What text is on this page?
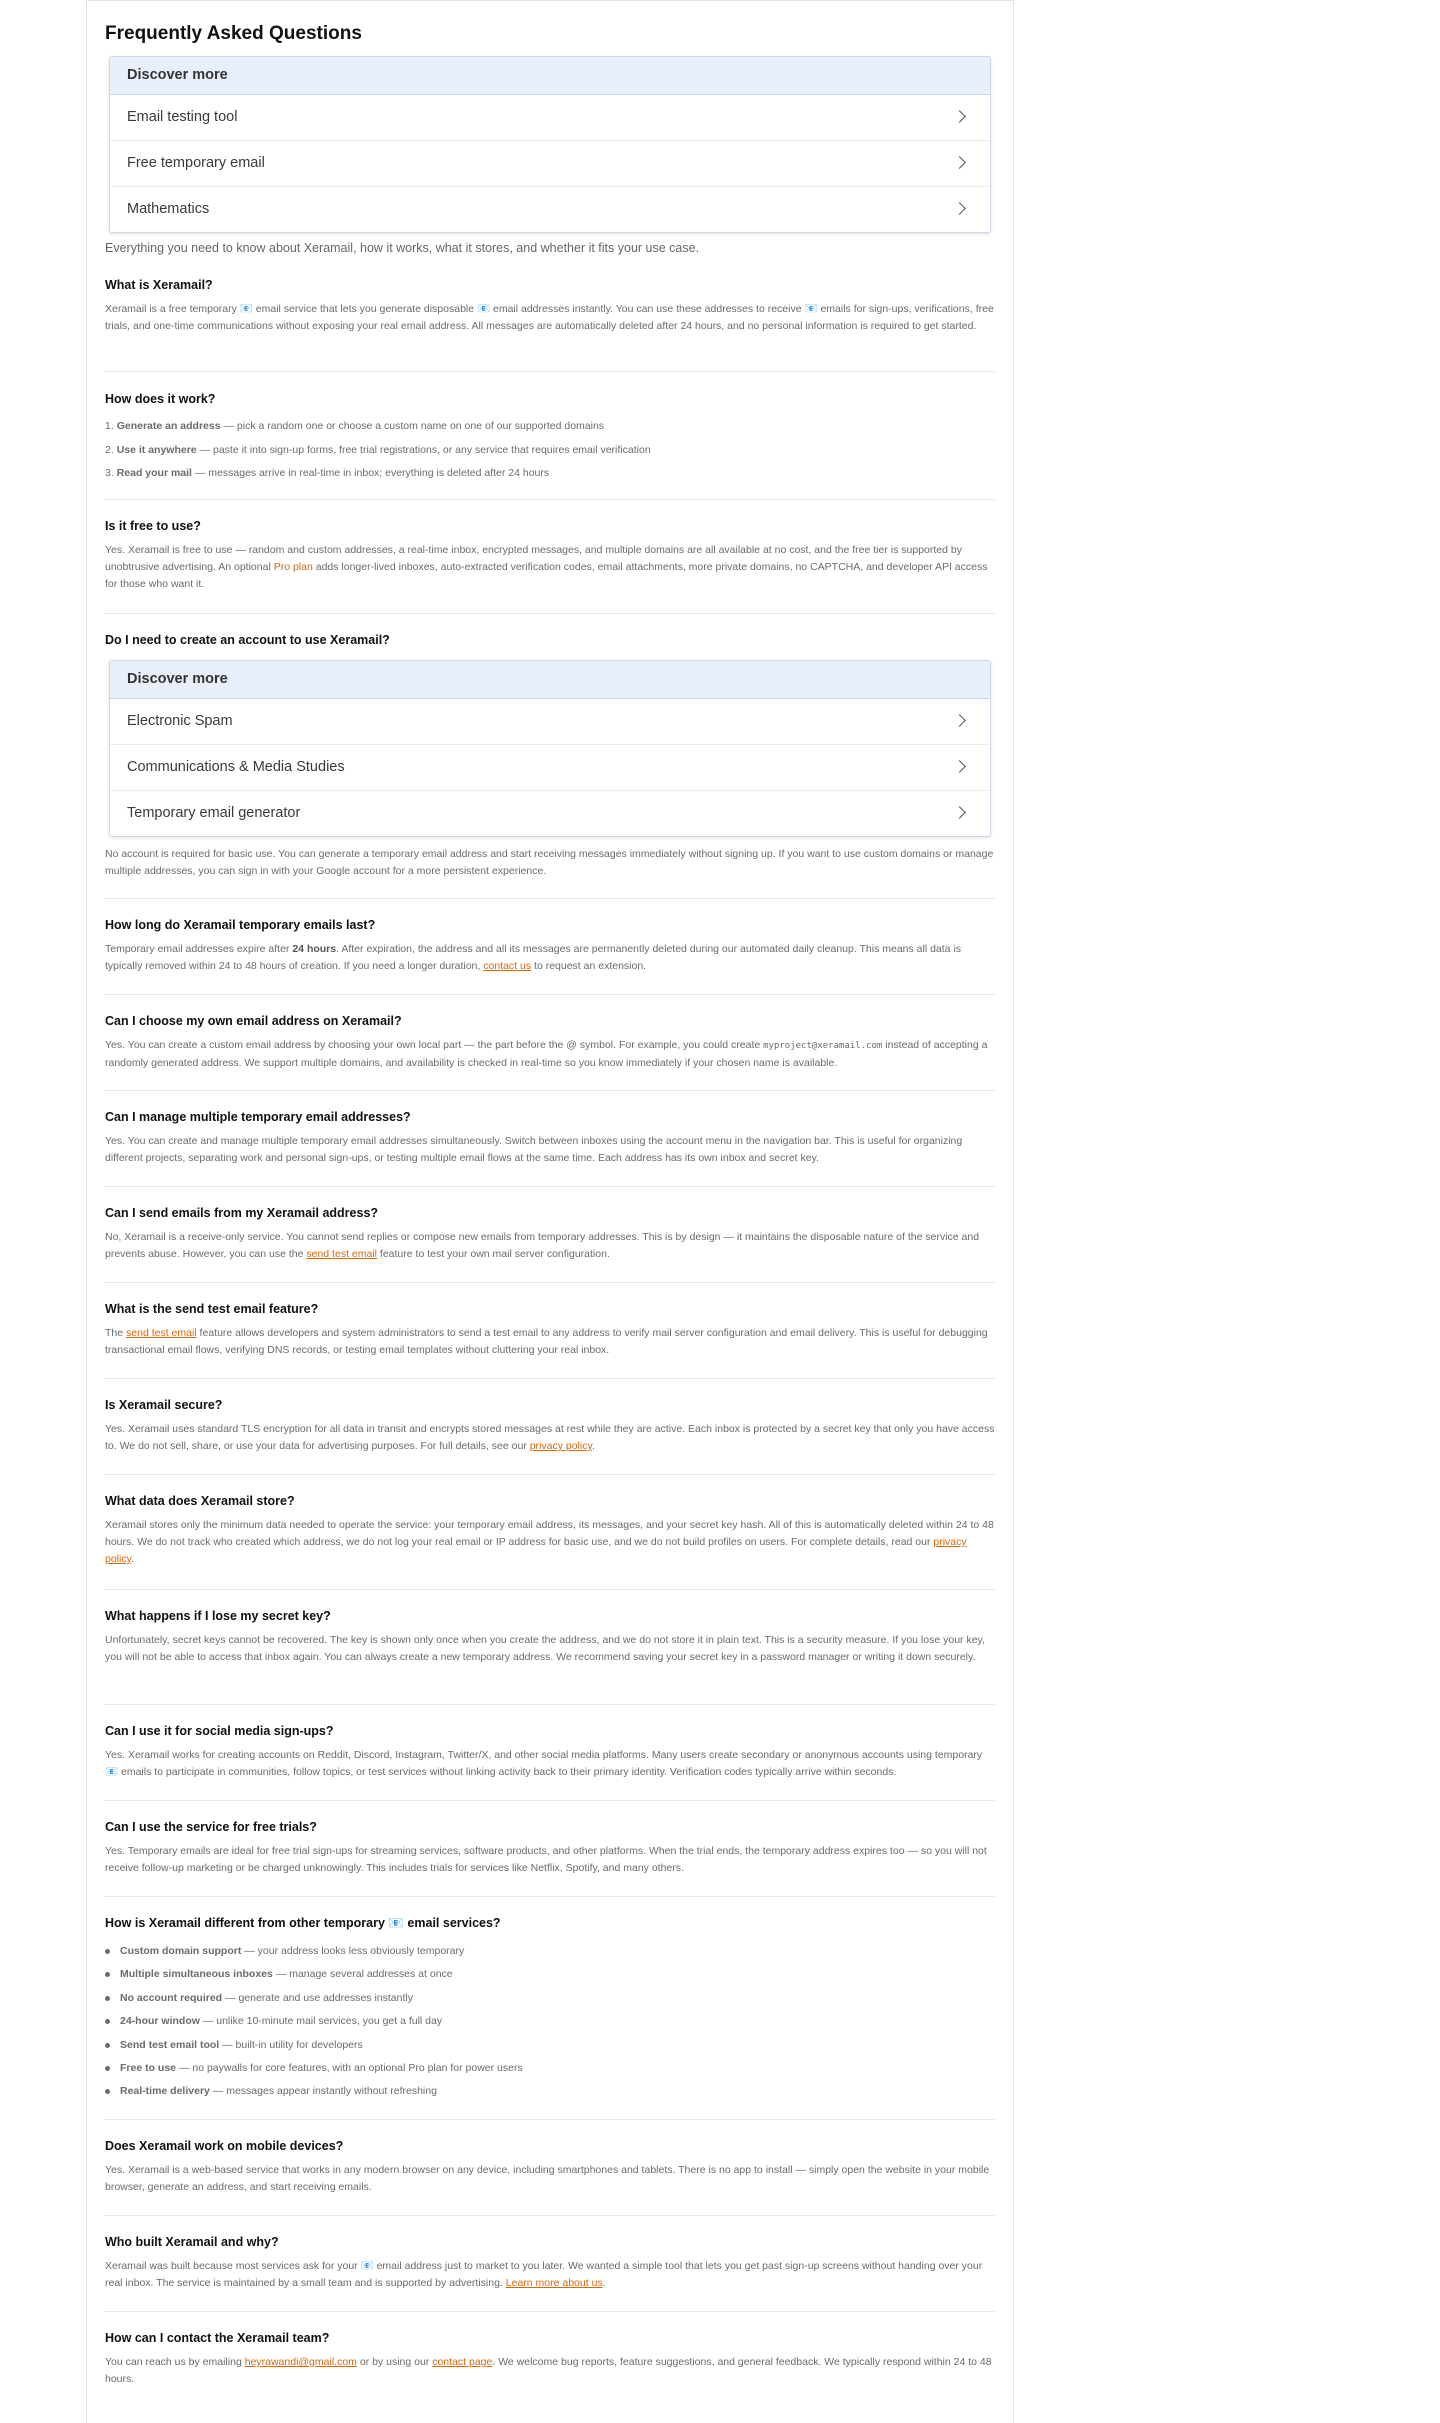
Frequently Asked Questions
Discover more
Email testing tool
Free temporary email
Mathematics
Everything you need to know about Xeramail, how it works, what it stores, and whether it fits your use case.
What is Xeramail?
Xeramail is a free temporary 📧 email service that lets you generate disposable 📧 email addresses instantly. You can use these addresses to receive 📧 emails for sign-ups, verifications, free trials, and one-time communications without exposing your real email address. All messages are automatically deleted after 24 hours, and no personal information is required to get started.
How does it work?
1. Generate an address — pick a random one or choose a custom name on one of our supported domains
2. Use it anywhere — paste it into sign-up forms, free trial registrations, or any service that requires email verification
3. Read your mail — messages arrive in real-time in inbox; everything is deleted after 24 hours
Is it free to use?
Yes. Xeramail is free to use — random and custom addresses, a real-time inbox, encrypted messages, and multiple domains are all available at no cost, and the free tier is supported by unobtrusive advertising. An optional Pro plan adds longer-lived inboxes, auto-extracted verification codes, email attachments, more private domains, no CAPTCHA, and developer API access for those who want it.
Do I need to create an account to use Xeramail?
Discover more
Electronic Spam
Communications & Media Studies
Temporary email generator
No account is required for basic use. You can generate a temporary email address and start receiving messages immediately without signing up. If you want to use custom domains or manage multiple addresses, you can sign in with your Google account for a more persistent experience.
How long do Xeramail temporary emails last?
Temporary email addresses expire after 24 hours. After expiration, the address and all its messages are permanently deleted during our automated daily cleanup. This means all data is typically removed within 24 to 48 hours of creation. If you need a longer duration, contact us to request an extension.
Can I choose my own email address on Xeramail?
Yes. You can create a custom email address by choosing your own local part — the part before the @ symbol. For example, you could create myproject@xeramail.com instead of accepting a randomly generated address. We support multiple domains, and availability is checked in real-time so you know immediately if your chosen name is available.
Can I manage multiple temporary email addresses?
Yes. You can create and manage multiple temporary email addresses simultaneously. Switch between inboxes using the account menu in the navigation bar. This is useful for organizing different projects, separating work and personal sign-ups, or testing multiple email flows at the same time. Each address has its own inbox and secret key.
Can I send emails from my Xeramail address?
No, Xeramail is a receive-only service. You cannot send replies or compose new emails from temporary addresses. This is by design — it maintains the disposable nature of the service and prevents abuse. However, you can use the send test email feature to test your own mail server configuration.
What is the send test email feature?
The send test email feature allows developers and system administrators to send a test email to any address to verify mail server configuration and email delivery. This is useful for debugging transactional email flows, verifying DNS records, or testing email templates without cluttering your real inbox.
Is Xeramail secure?
Yes. Xeramail uses standard TLS encryption for all data in transit and encrypts stored messages at rest while they are active. Each inbox is protected by a secret key that only you have access to. We do not sell, share, or use your data for advertising purposes. For full details, see our privacy policy.
What data does Xeramail store?
Xeramail stores only the minimum data needed to operate the service: your temporary email address, its messages, and your secret key hash. All of this is automatically deleted within 24 to 48 hours. We do not track who created which address, we do not log your real email or IP address for basic use, and we do not build profiles on users. For complete details, read our privacy policy.
What happens if I lose my secret key?
Unfortunately, secret keys cannot be recovered. The key is shown only once when you create the address, and we do not store it in plain text. This is a security measure. If you lose your key, you will not be able to access that inbox again. You can always create a new temporary address. We recommend saving your secret key in a password manager or writing it down securely.
Can I use it for social media sign-ups?
Yes. Xeramail works for creating accounts on Reddit, Discord, Instagram, Twitter/X, and other social media platforms. Many users create secondary or anonymous accounts using temporary 📧 emails to participate in communities, follow topics, or test services without linking activity back to their primary identity. Verification codes typically arrive within seconds.
Can I use the service for free trials?
Yes. Temporary emails are ideal for free trial sign-ups for streaming services, software products, and other platforms. When the trial ends, the temporary address expires too — so you will not receive follow-up marketing or be charged unknowingly. This includes trials for services like Netflix, Spotify, and many others.
How is Xeramail different from other temporary 📧 email services?
Custom domain support — your address looks less obviously temporary
Multiple simultaneous inboxes — manage several addresses at once
No account required — generate and use addresses instantly
24-hour window — unlike 10-minute mail services, you get a full day
Send test email tool — built-in utility for developers
Free to use — no paywalls for core features, with an optional Pro plan for power users
Real-time delivery — messages appear instantly without refreshing
Does Xeramail work on mobile devices?
Yes. Xeramail is a web-based service that works in any modern browser on any device, including smartphones and tablets. There is no app to install — simply open the website in your mobile browser, generate an address, and start receiving emails.
Who built Xeramail and why?
Xeramail was built because most services ask for your 📧 email address just to market to you later. We wanted a simple tool that lets you get past sign-up screens without handing over your real inbox. The service is maintained by a small team and is supported by advertising. Learn more about us.
How can I contact the Xeramail team?
You can reach us by emailing heyrawandi@gmail.com or by using our contact page. We welcome bug reports, feature suggestions, and general feedback. We typically respond within 24 to 48 hours.
